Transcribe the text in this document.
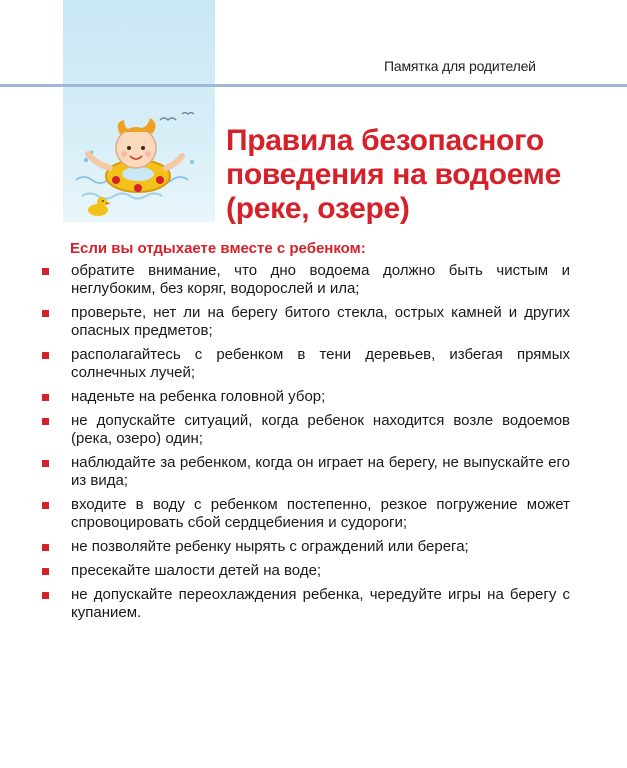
Памятка для родителей
Правила безопасного
поведения на водоеме
(реке, озере)

Если вы отдыхаете вместе с ребенком:

обратите внимание, что дно водоема должно быть чистым и неглубоким, без коряг, водорослей и ила;
проверьте, нет ли на берегу битого стекла, острых камней и других опасных предметов;
располагайтесь с ребенком в тени деревьев, избегая прямых солнечных лучей;
наденьте на ребенка головной убор;
не допускайте ситуаций, когда ребенок находится возле водоемов (река, озеро) один;
наблюдайте за ребенком, когда он играет на берегу, не выпускайте его из вида;
входите в воду с ребенком постепенно, резкое погружение может спровоцировать сбой сердцебиения и судороги;
не позволяйте ребенку нырять с ограждений или берега;
пресекайте шалости детей на воде;
не допускайте переохлаждения ребенка, чередуйте игры на берегу с купанием.
